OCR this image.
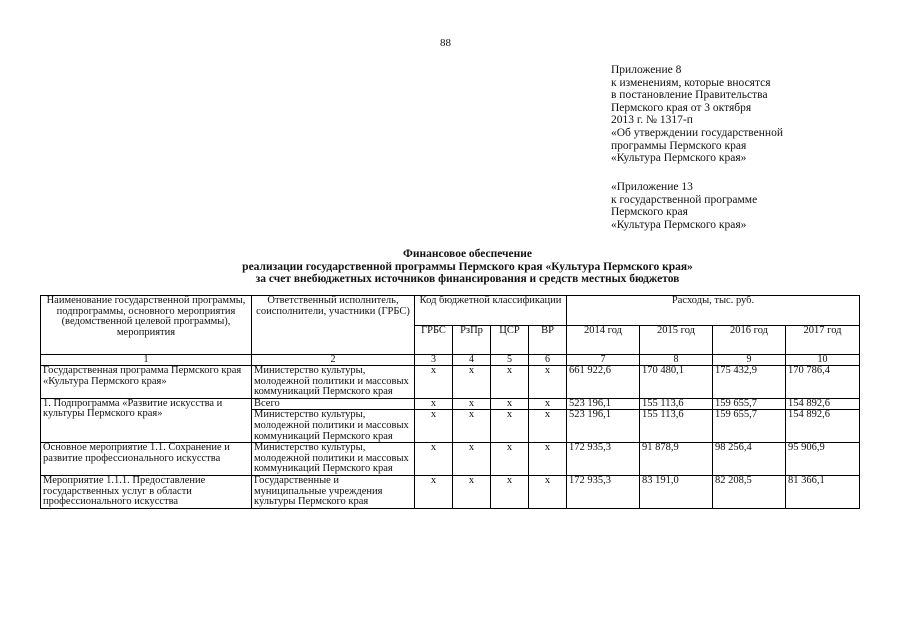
88
Приложение 8
к изменениям, которые вносятся
в постановление Правительства
Пермского края от 3 октября
2013 г. № 1317-п
«Об утверждении государственной
программы Пермского края
«Культура Пермского края»
«Приложение 13
к государственной программе
Пермского края
«Культура Пермского края»
Финансовое обеспечение
реализации государственной программы Пермского края «Культура Пермского края»
за счет внебюджетных источников финансирования и средств местных бюджетов
Наименование государственной программы, подпрограммы, основного мероприятия (ведомственной целевой программы), мероприятия	Ответственный исполнитель, соисполнители, участники (ГРБС)	Код бюджетной классификации				Расходы, тыс. руб.			
		ГРБС	РзПр	ЦСР	ВР	2014 год	2015 год	2016 год	2017 год
1	2	3	4	5	6	7	8	9	10
Государственная программа Пермского края «Культура Пермского края»	Министерство культуры, молодежной политики и массовых коммуникаций Пермского края	x	x	x	x	661 922,6	170 480,1	175 432,9	170 786,4
1. Подпрограмма «Развитие искусства и культуры Пермского края»	Всего	x	x	x	x	523 196,1	155 113,6	159 655,7	154 892,6
	Министерство культуры, молодежной политики и массовых коммуникаций Пермского края	x	x	x	x	523 196,1	155 113,6	159 655,7	154 892,6
Основное мероприятие 1.1. Сохранение и развитие профессионального искусства	Министерство культуры, молодежной политики и массовых коммуникаций Пермского края	x	x	x	x	172 935,3	91 878,9	98 256,4	95 906,9
Мероприятие 1.1.1. Предоставление государственных услуг в области профессионального искусства	Государственные и муниципальные учреждения культуры Пермского края	x	x	x	x	172 935,3	83 191,0	82 208,5	81 366,1
